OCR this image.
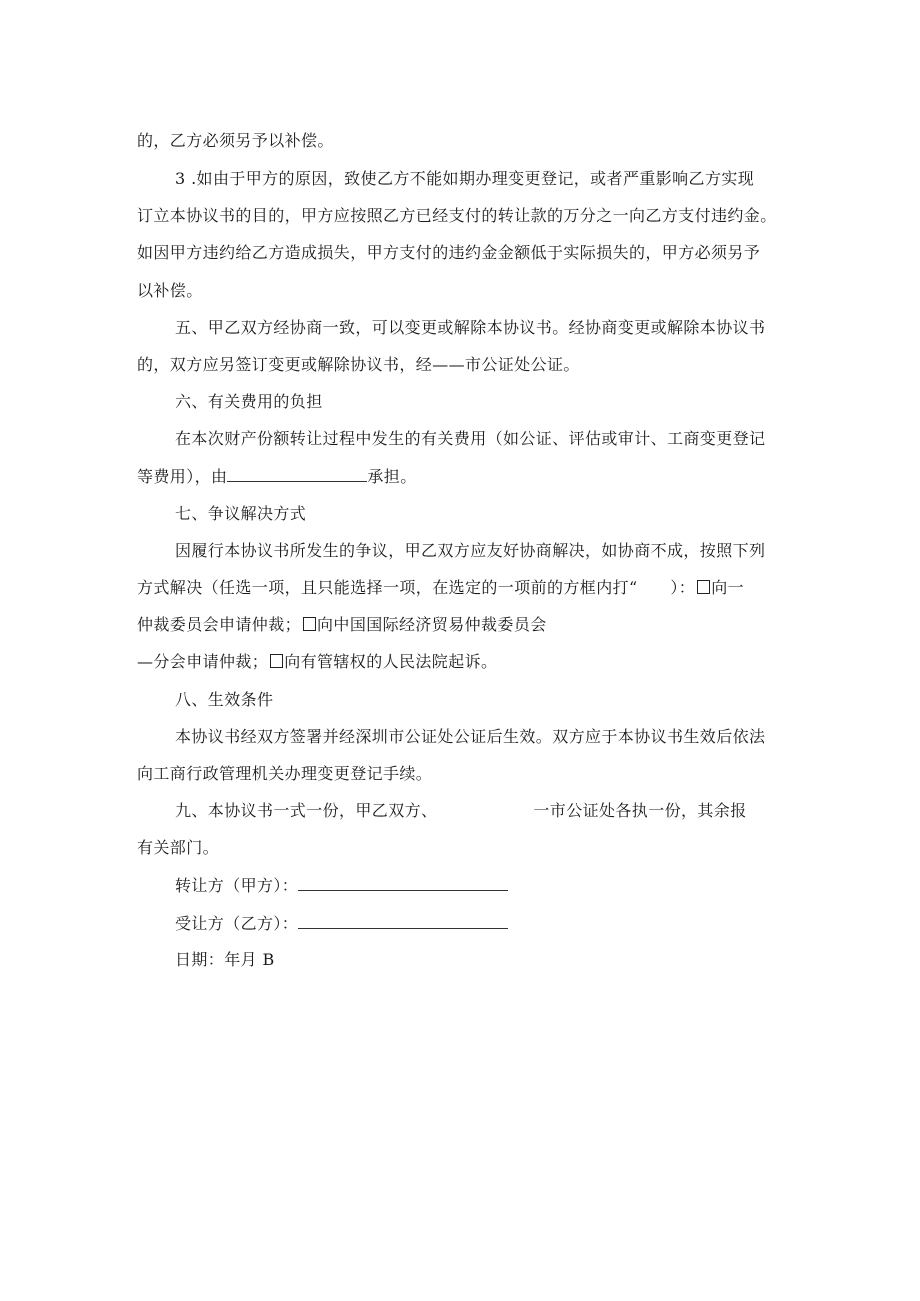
的，乙方必须另予以补偿。
3 .如由于甲方的原因，致使乙方不能如期办理变更登记，或者严重影响乙方实现
订立本协议书的目的，甲方应按照乙方已经支付的转让款的万分之一向乙方支付违约金。
如因甲方违约给乙方造成损失，甲方支付的违约金金额低于实际损失的，甲方必须另予
以补偿。
五、甲乙双方经协商一致，可以变更或解除本协议书。经协商变更或解除本协议书
的，双方应另签订变更或解除协议书，经——市公证处公证。
六、有关费用的负担
在本次财产份额转让过程中发生的有关费用（如公证、评估或审计、工商变更登记
等费用），由	承担。
七、争议解决方式
因履行本协议书所发生的争议，甲乙双方应友好协商解决，如协商不成，按照下列
方式解决（任选一项，且只能选择一项，在选定的一项前的方框内打“　　）： 向一
仲裁委员会申请仲裁； 向中国国际经济贸易仲裁委员会
—分会申请仲裁； 向有管辖权的人民法院起诉。
八、生效条件
本协议书经双方签署并经深圳市公证处公证后生效。双方应于本协议书生效后依法
向工商行政管理机关办理变更登记手续。
九、本协议书一式一份，甲乙双方、	一市公证处各执一份，其余报
有关部门。
转让方（甲方）：
受让方（乙方）：
日期：年月 B
